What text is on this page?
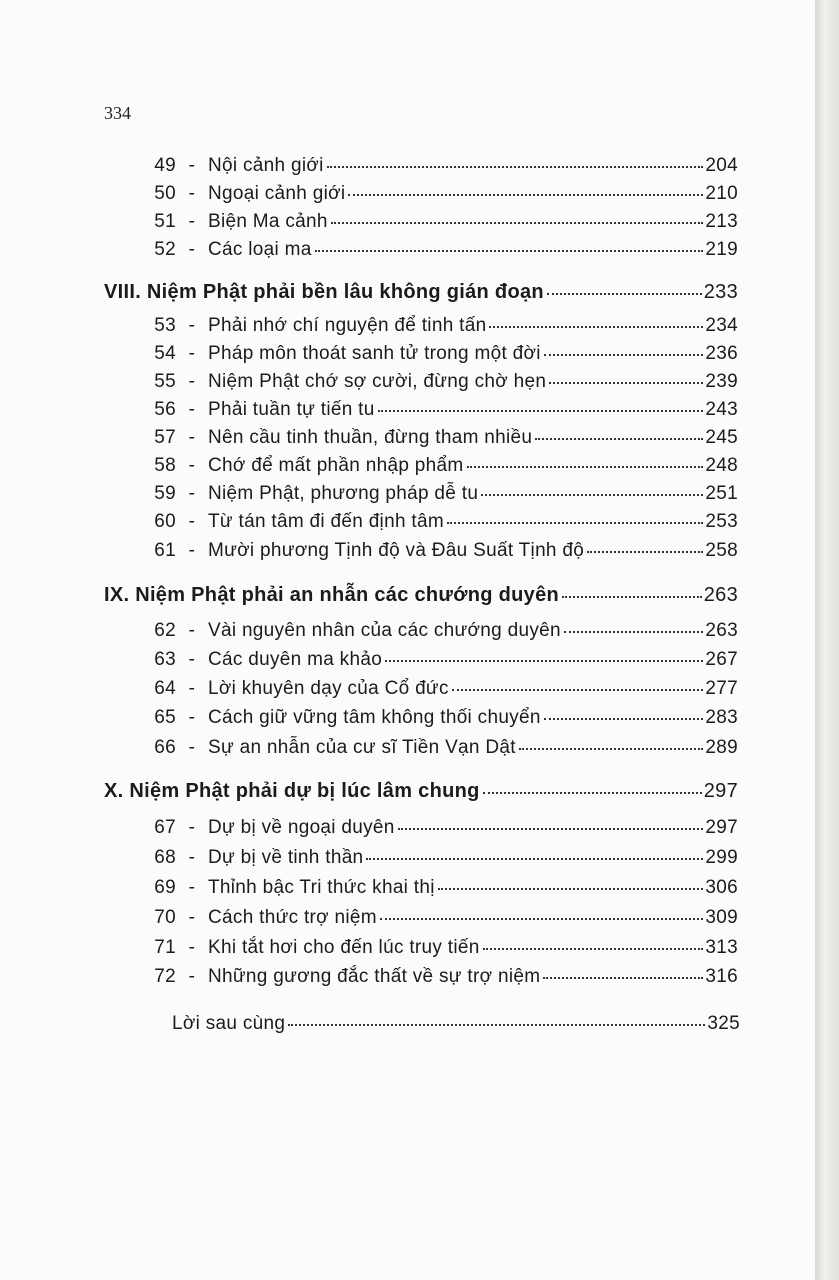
334
49 - Nội cảnh giới	204
50 - Ngoại cảnh giới	210
51 - Biện Ma cảnh	213
52 - Các loại ma	219
VIII. Niệm Phật phải bền lâu không gián đoạn	233
53 - Phải nhớ chí nguyện để tinh tấn	234
54 - Pháp môn thoát sanh tử trong một đời	236
55 - Niệm Phật chớ sợ cười, đừng chờ hẹn	239
56 - Phải tuần tự tiến tu	243
57 - Nên cầu tinh thuần, đừng tham nhiều	245
58 - Chớ để mất phần nhập phẩm	248
59 - Niệm Phật, phương pháp dễ tu	251
60 - Từ tán tâm đi đến định tâm	253
61 - Mười phương Tịnh độ và Đâu Suất Tịnh độ	258
IX. Niệm Phật phải an nhẫn các chướng duyên	263
62 - Vài nguyên nhân của các chướng duyên	263
63 - Các duyên ma khảo	267
64 - Lời khuyên dạy của Cổ đức	277
65 - Cách giữ vững tâm không thối chuyển	283
66 - Sự an nhẫn của cư sĩ Tiền Vạn Dật	289
X. Niệm Phật phải dự bị lúc lâm chung	297
67 - Dự bị về ngoại duyên	297
68 - Dự bị về tinh thần	299
69 - Thỉnh bậc Tri thức khai thị	306
70 - Cách thức trợ niệm	309
71 - Khi tắt hơi cho đến lúc truy tiến	313
72 - Những gương đắc thất về sự trợ niệm	316
Lời sau cùng	325
